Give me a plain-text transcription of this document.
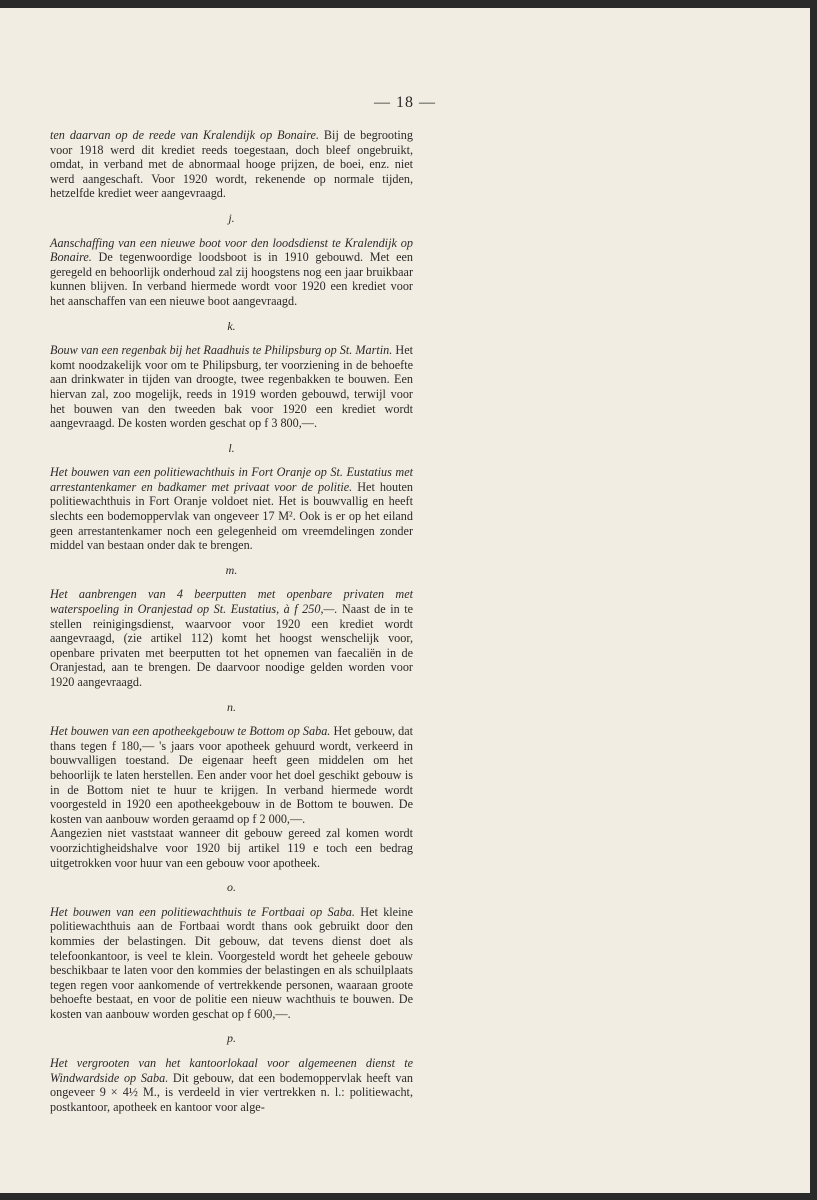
— 18 —

ten daarvan op de reede van Kralendijk op Bonaire. Bij de begrooting voor 1918 werd dit krediet reeds toegestaan, doch bleef ongebruikt, omdat, in verband met de abnormaal hooge prijzen, de boei, enz. niet werd aangeschaft. Voor 1920 wordt, rekenende op normale tijden, hetzelfde krediet weer aangevraagd.

j.

Aanschaffing van een nieuwe boot voor den loodsdienst te Kralendijk op Bonaire. De tegenwoordige loodsboot is in 1910 gebouwd. Met een geregeld en behoorlijk onderhoud zal zij hoogstens nog een jaar bruikbaar kunnen blijven. In verband hiermede wordt voor 1920 een krediet voor het aanschaffen van een nieuwe boot aangevraagd.

k.

Bouw van een regenbak bij het Raadhuis te Philipsburg op St. Martin. Het komt noodzakelijk voor om te Philipsburg, ter voorziening in de behoefte aan drinkwater in tijden van droogte, twee regenbakken te bouwen. Een hiervan zal, zoo mogelijk, reeds in 1919 worden gebouwd, terwijl voor het bouwen van den tweeden bak voor 1920 een krediet wordt aangevraagd. De kosten worden geschat op f 3 800,—.

l.

Het bouwen van een politiewachthuis in Fort Oranje op St. Eustatius met arrestantenkamer en badkamer met privaat voor de politie. Het houten politiewachthuis in Fort Oranje voldoet niet. Het is bouwvallig en heeft slechts een bodemoppervlak van ongeveer 17 M². Ook is er op het eiland geen arrestantenkamer noch een gelegenheid om vreemdelingen zonder middel van bestaan onder dak te brengen.

m.

Het aanbrengen van 4 beerputten met openbare privaten met waterspoeling in Oranjestad op St. Eustatius, à f 250,—. Naast de in te stellen reinigingsdienst, waarvoor voor 1920 een krediet wordt aangevraagd, (zie artikel 112) komt het hoogst wenschelijk voor, openbare privaten met beerputten tot het opnemen van faecaliën in de Oranjestad, aan te brengen. De daarvoor noodige gelden worden voor 1920 aangevraagd.

n.

Het bouwen van een apotheekgebouw te Bottom op Saba. Het gebouw, dat thans tegen f 180,— 's jaars voor apotheek gehuurd wordt, verkeerd in bouwvalligen toestand. De eigenaar heeft geen middelen om het behoorlijk te laten herstellen. Een ander voor het doel geschikt gebouw is in de Bottom niet te huur te krijgen. In verband hiermede wordt voorgesteld in 1920 een apotheekgebouw in de Bottom te bouwen. De kosten van aanbouw worden geraamd op f 2 000,—.

Aangezien niet vaststaat wanneer dit gebouw gereed zal komen wordt voorzichtigheidshalve voor 1920 bij artikel 119 e toch een bedrag uitgetrokken voor huur van een gebouw voor apotheek.

o.

Het bouwen van een politiewachthuis te Fortbaai op Saba. Het kleine politiewachthuis aan de Fortbaai wordt thans ook gebruikt door den kommies der belastingen. Dit gebouw, dat tevens dienst doet als telefoonkantoor, is veel te klein. Voorgesteld wordt het geheele gebouw beschikbaar te laten voor den kommies der belastingen en als schuilplaats tegen regen voor aankomende of vertrekkende personen, waaraan groote behoefte bestaat, en voor de politie een nieuw wachthuis te bouwen. De kosten van aanbouw worden geschat op f 600,—.

p.

Het vergrooten van het kantoorlokaal voor algemeenen dienst te Windwardside op Saba. Dit gebouw, dat een bodemoppervlak heeft van ongeveer 9 × 4½ M., is verdeeld in vier vertrekken n. l.: politiewacht, postkantoor, apotheek en kantoor voor alge-
